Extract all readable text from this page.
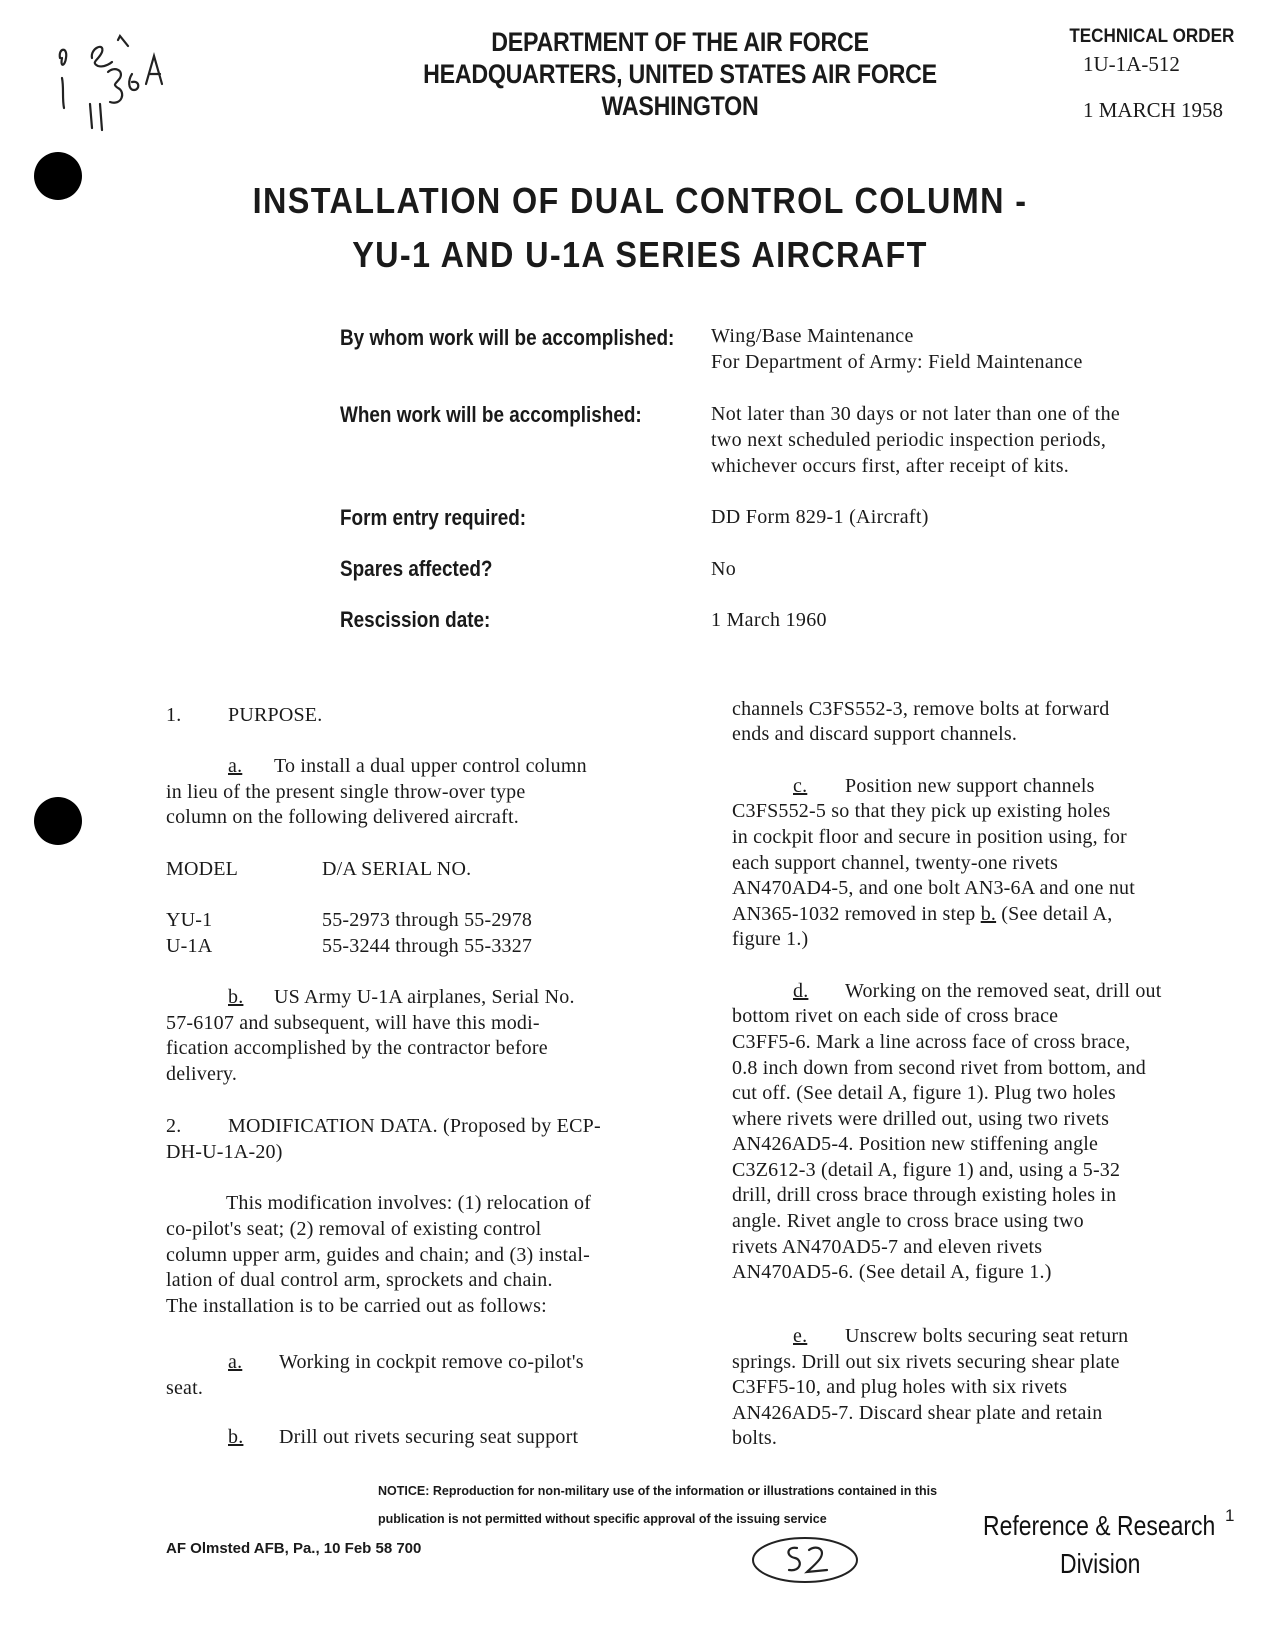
DEPARTMENT OF THE AIR FORCE
HEADQUARTERS, UNITED STATES AIR FORCE
WASHINGTON
TECHNICAL ORDER
1U-1A-512
1 MARCH 1958
INSTALLATION OF DUAL CONTROL COLUMN -
YU-1 AND U-1A SERIES AIRCRAFT
By whom work will be accomplished: Wing/Base Maintenance
For Department of Army: Field Maintenance
When work will be accomplished:	Not later than 30 days or not later than one of the
two next scheduled periodic inspection periods,
whichever occurs first, after receipt of kits.
Form entry required:	DD Form 829-1 (Aircraft)
Spares affected?	No
Rescission date:	1 March 1960
1. PURPOSE.
a. To install a dual upper control column
in lieu of the present single throw-over type
column on the following delivered aircraft.
MODEL	D/A SERIAL NO.
YU-1	55-2973 through 55-2978
U-1A	55-3244 through 55-3327
b. US Army U-1A airplanes, Serial No.
57-6107 and subsequent, will have this modi-
fication accomplished by the contractor before
delivery.
2. MODIFICATION DATA. (Proposed by ECP-
DH-U-1A-20)
This modification involves: (1) relocation of
co-pilot's seat; (2) removal of existing control
column upper arm, guides and chain; and (3) instal-
lation of dual control arm, sprockets and chain.
The installation is to be carried out as follows:
a. Working in cockpit remove co-pilot's
seat.
b. Drill out rivets securing seat support
channels C3FS552-3, remove bolts at forward
ends and discard support channels.
c. Position new support channels
C3FS552-5 so that they pick up existing holes
in cockpit floor and secure in position using, for
each support channel, twenty-one rivets
AN470AD4-5, and one bolt AN3-6A and one nut
AN365-1032 removed in step b. (See detail A,
figure 1.)
d. Working on the removed seat, drill out
bottom rivet on each side of cross brace
C3FF5-6. Mark a line across face of cross brace,
0.8 inch down from second rivet from bottom, and
cut off. (See detail A, figure 1). Plug two holes
where rivets were drilled out, using two rivets
AN426AD5-4. Position new stiffening angle
C3Z612-3 (detail A, figure 1) and, using a 5-32
drill, drill cross brace through existing holes in
angle. Rivet angle to cross brace using two
rivets AN470AD5-7 and eleven rivets
AN470AD5-6. (See detail A, figure 1.)
e. Unscrew bolts securing seat return
springs. Drill out six rivets securing shear plate
C3FF5-10, and plug holes with six rivets
AN426AD5-7. Discard shear plate and retain
bolts.
NOTICE: Reproduction for non-military use of the information or illustrations contained in this
publication is not permitted without specific approval of the issuing service
AF Olmsted AFB, Pa., 10 Feb 58 700
Reference & Research 1
Division
